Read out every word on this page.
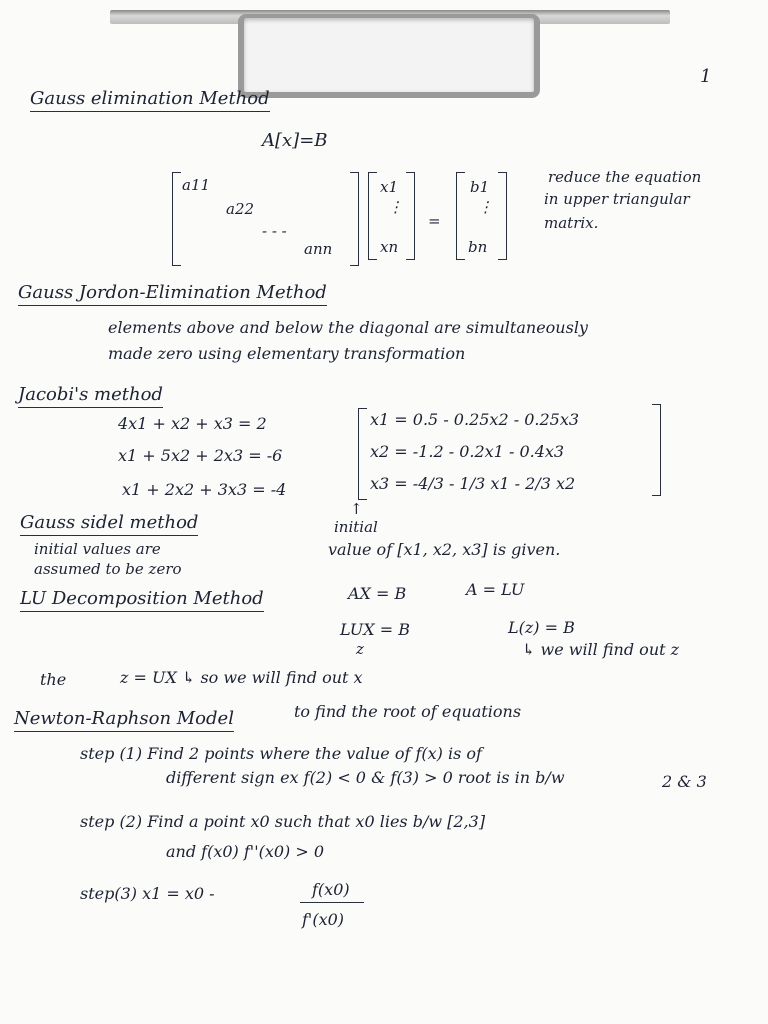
1
Gauss elimination Method
A[x]=B
a11
a22
- - -
ann
x1
⋮
xn
=
b1
⋮
bn
reduce the equation
in upper triangular
matrix.
Gauss Jordon-Elimination Method
elements above and below the diagonal are simultaneously
made zero using elementary transformation
Jacobi's method
4x1 + x2 + x3 = 2
x1 + 5x2 + 2x3 = -6
x1 + 2x2 + 3x3 = -4
x1 = 0.5 - 0.25x2 - 0.25x3
x2 = -1.2 - 0.2x1 - 0.4x3
x3 = -4/3 - 1/3 x1 - 2/3 x2
Gauss sidel method
initial values are
assumed to be zero
↑
initial
value of [x1, x2, x3] is given.
LU Decomposition Method	AX = B	A = LU
LUX = B
z
L(z) = B
↳ we will find out z
the	z = UX ↳ so we will find out x
Newton-Raphson Model	to find the root of equations
step (1) Find 2 points where the value of f(x) is of
different sign ex f(2) < 0 & f(3) > 0 root is in b/w	2 & 3
step (2) Find a point x0 such that x0 lies b/w [2,3]
and f(x0) f''(x0) > 0
step(3) x1 = x0 -	f(x0)
f'(x0)
